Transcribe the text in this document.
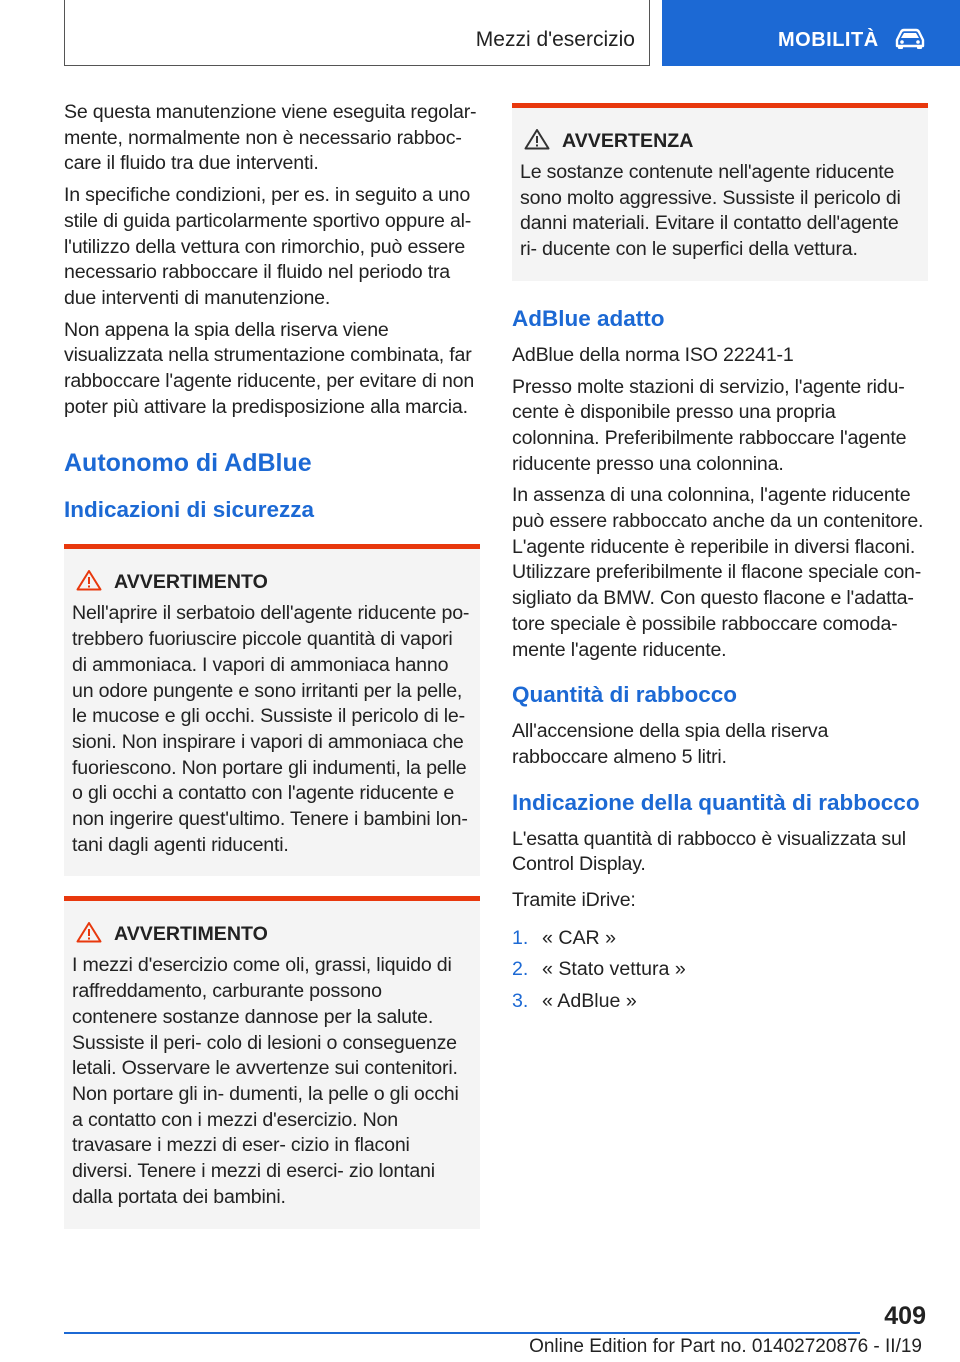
Mezzi d'esercizio	MOBILITÀ

Se questa manutenzione viene eseguita regolar‐ mente, normalmente non è necessario rabboc‐ care il fluido tra due interventi.

In specifiche condizioni, per es. in seguito a uno stile di guida particolarmente sportivo oppure al‐ l'utilizzo della vettura con rimorchio, può essere necessario rabboccare il fluido nel periodo tra due interventi di manutenzione.

Non appena la spia della riserva viene visualizzata nella strumentazione combinata, far rabboccare l'agente riducente, per evitare di non poter più attivare la predisposizione alla marcia.

Autonomo di AdBlue
Indicazioni di sicurezza
AVVERTIMENTO

Nell'aprire il serbatoio dell'agente riducente po‐ trebbero fuoriuscire piccole quantità di vapori di ammoniaca. I vapori di ammoniaca hanno un odore pungente e sono irritanti per la pelle, le mucose e gli occhi. Sussiste il pericolo di le‐ sioni. Non inspirare i vapori di ammoniaca che fuoriescono. Non portare gli indumenti, la pelle o gli occhi a contatto con l'agente riducente e non ingerire quest'ultimo. Tenere i bambini lon‐ tani dagli agenti riducenti.

AVVERTIMENTO

I mezzi d'esercizio come oli, grassi, liquido di raffreddamento, carburante possono contenere sostanze dannose per la salute. Sussiste il peri‐ colo di lesioni o conseguenze letali. Osservare le avvertenze sui contenitori. Non portare gli in‐ dumenti, la pelle o gli occhi a contatto con i mezzi d'esercizio. Non travasare i mezzi di eser‐ cizio in flaconi diversi. Tenere i mezzi di eserci‐ zio lontani dalla portata dei bambini.

AVVERTENZA

Le sostanze contenute nell'agente riducente sono molto aggressive. Sussiste il pericolo di danni materiali. Evitare il contatto dell'agente ri‐ ducente con le superfici della vettura.

AdBlue adatto

AdBlue della norma ISO 22241-1

Presso molte stazioni di servizio, l'agente ridu‐ cente è disponibile presso una propria colonnina. Preferibilmente rabboccare l'agente riducente presso una colonnina.

In assenza di una colonnina, l'agente riducente può essere rabboccato anche da un contenitore. L'agente riducente è reperibile in diversi flaconi. Utilizzare preferibilmente il flacone speciale con‐ sigliato da BMW. Con questo flacone e l'adatta‐ tore speciale è possibile rabboccare comoda‐ mente l'agente riducente.

Quantità di rabbocco

All'accensione della spia della riserva rabboccare almeno 5 litri.

Indicazione della quantità di rabbocco

L'esatta quantità di rabbocco è visualizzata sul Control Display.

Tramite iDrive:

1. « CAR »
2. « Stato vettura »
3. « AdBlue »
409
Online Edition for Part no. 01402720876 - II/19
